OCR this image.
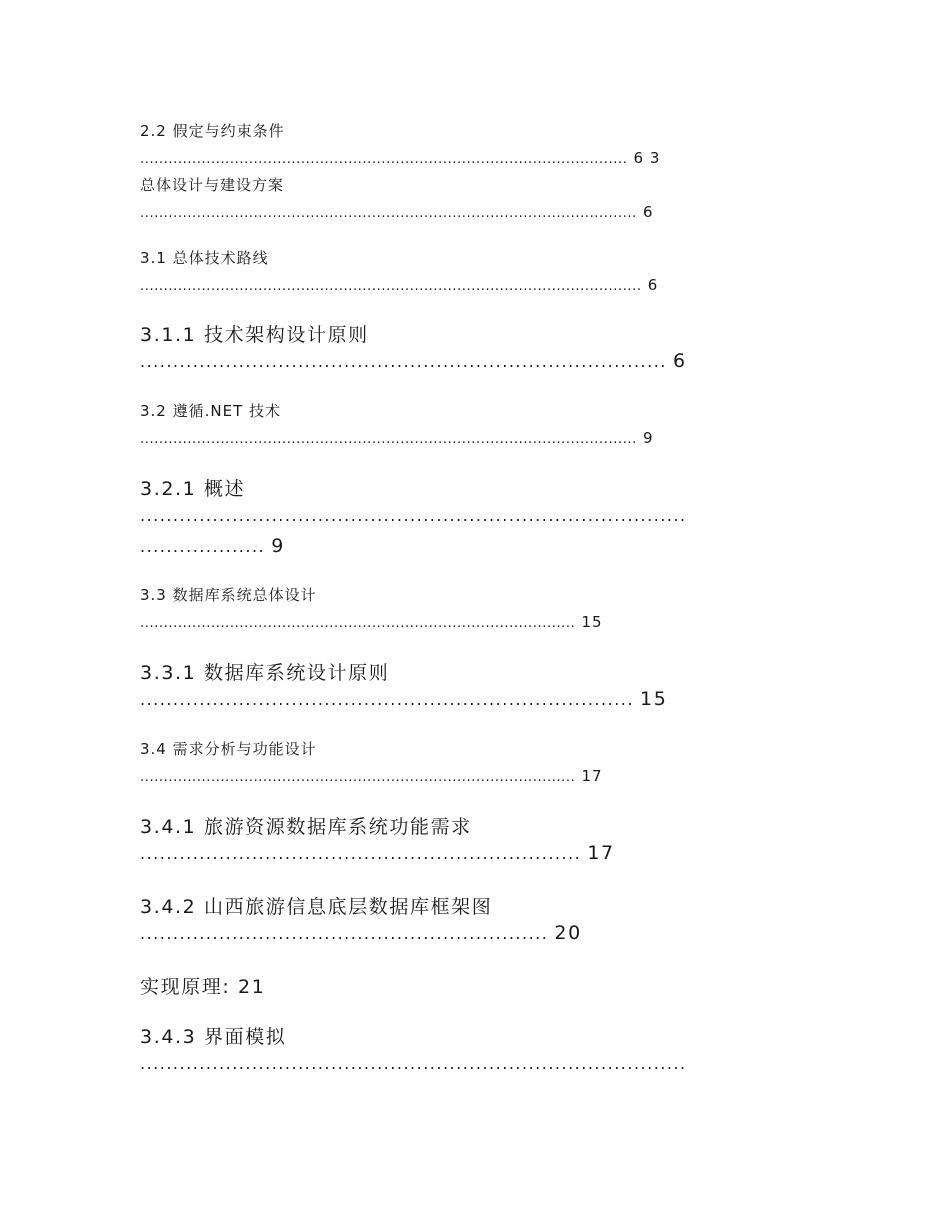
2.2 假定与约束条件
....................................................................................................... 6 3
总体设计与建设方案
......................................................................................................... 6
3.1 总体技术路线
.......................................................................................................... 6
3.1.1 技术架构设计原则
................................................................................ 6
3.2 遵循.NET 技术
......................................................................................................... 9
3.2.1 概述
...................................................................................
................... 9
3.3 数据库系统总体设计
............................................................................................ 15
3.3.1 数据库系统设计原则
........................................................................... 15
3.4 需求分析与功能设计
............................................................................................ 17
3.4.1 旅游资源数据库系统功能需求
................................................................... 17
3.4.2 山西旅游信息底层数据库框架图
.............................................................. 20
实现原理: 21
3.4.3 界面模拟
...................................................................................
